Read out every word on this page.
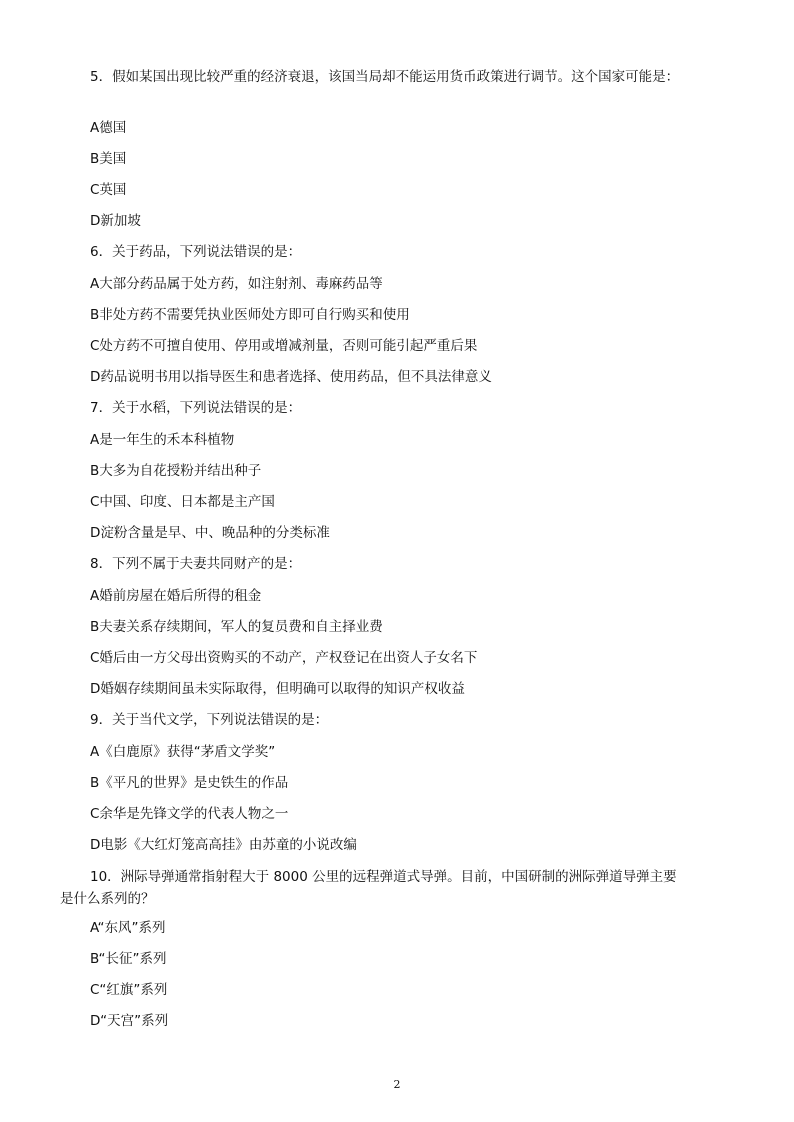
5．假如某国出现比较严重的经济衰退，该国当局却不能运用货币政策进行调节。这个国家可能是：

A德国

B美国

C英国

D新加坡

6．关于药品，下列说法错误的是：

A大部分药品属于处方药，如注射剂、毒麻药品等

B非处方药不需要凭执业医师处方即可自行购买和使用

C处方药不可擅自使用、停用或增减剂量，否则可能引起严重后果

D药品说明书用以指导医生和患者选择、使用药品，但不具法律意义

7．关于水稻，下列说法错误的是：

A是一年生的禾本科植物

B大多为自花授粉并结出种子

C中国、印度、日本都是主产国

D淀粉含量是早、中、晚品种的分类标准

8．下列不属于夫妻共同财产的是：

A婚前房屋在婚后所得的租金

B夫妻关系存续期间，军人的复员费和自主择业费

C婚后由一方父母出资购买的不动产，产权登记在出资人子女名下

D婚姻存续期间虽未实际取得，但明确可以取得的知识产权收益

9．关于当代文学，下列说法错误的是：

A《白鹿原》获得“茅盾文学奖”

B《平凡的世界》是史铁生的作品

C余华是先锋文学的代表人物之一

D电影《大红灯笼高高挂》由苏童的小说改编

10．洲际导弹通常指射程大于 8000 公里的远程弹道式导弹。目前，中国研制的洲际弹道导弹主要是什么系列的？

A“东风”系列

B“长征”系列

C“红旗”系列

D“天宫”系列

2
